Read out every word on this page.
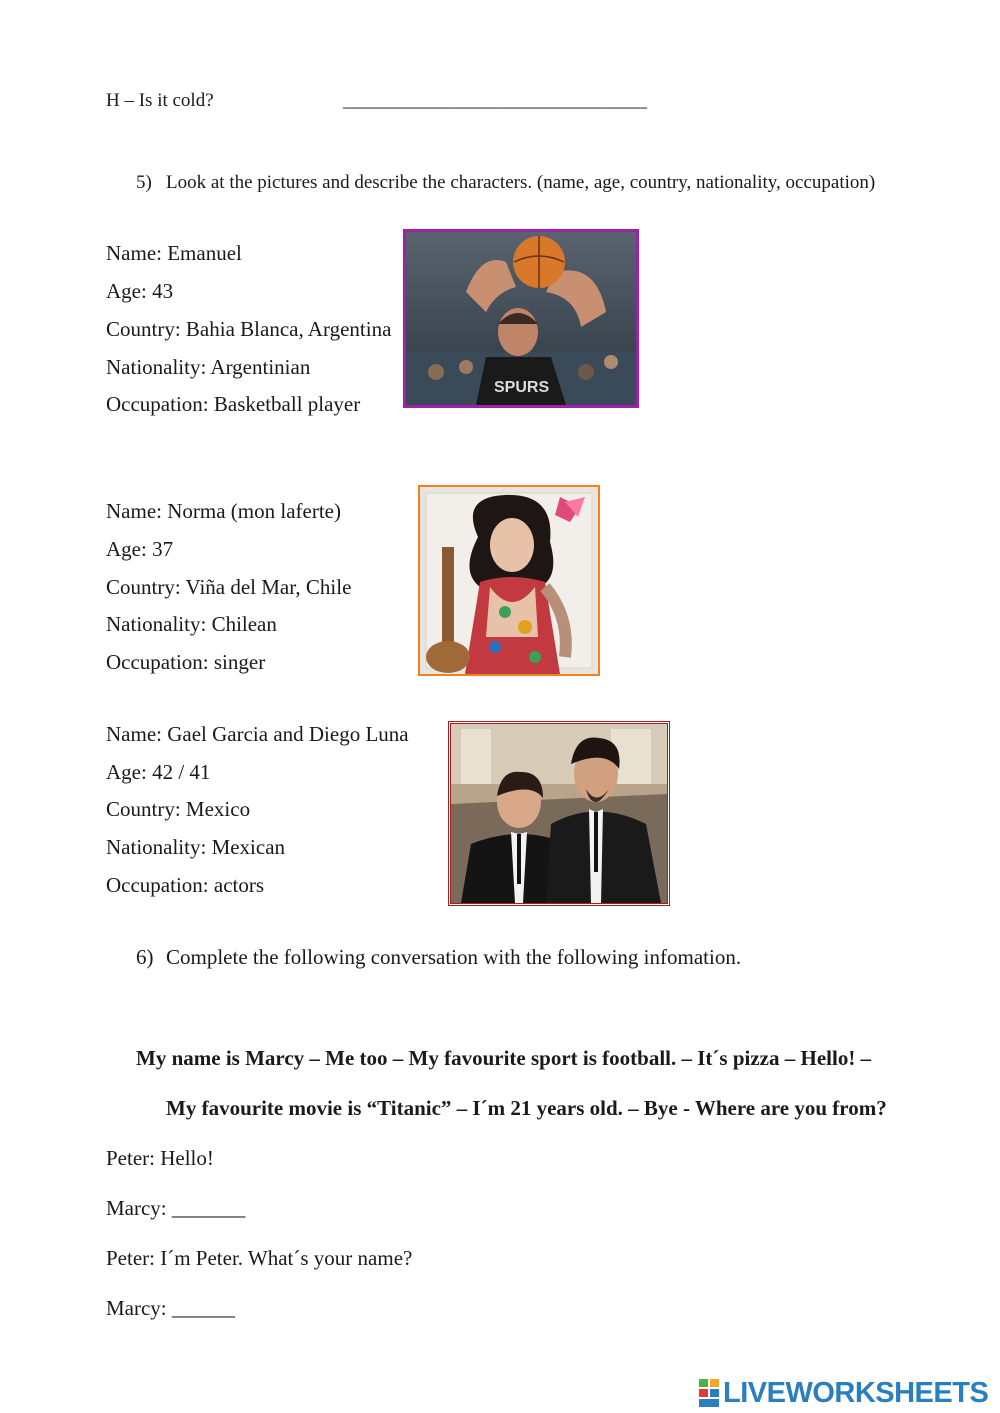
H – Is it cold?	________________________________
5) Look at the pictures and describe the characters. (name, age, country, nationality, occupation)
Name: Emanuel
Age: 43
Country: Bahia Blanca, Argentina
Nationality: Argentinian
Occupation: Basketball player
SPURS
Name: Norma (mon laferte)
Age: 37
Country: Viña del Mar, Chile
Nationality: Chilean
Occupation: singer
Name: Gael Garcia and Diego Luna
Age: 42 / 41
Country: Mexico
Nationality: Mexican
Occupation: actors
6) Complete the following conversation with the following infomation.
My name is Marcy – Me too – My favourite sport is football. – It´s pizza – Hello! –
My favourite movie is “Titanic” – I´m 21 years old. – Bye - Where are you from?
Peter: Hello!
Marcy: _______
Peter: I´m Peter. What´s your name?
Marcy: ______
LIVEWORKSHEETS
